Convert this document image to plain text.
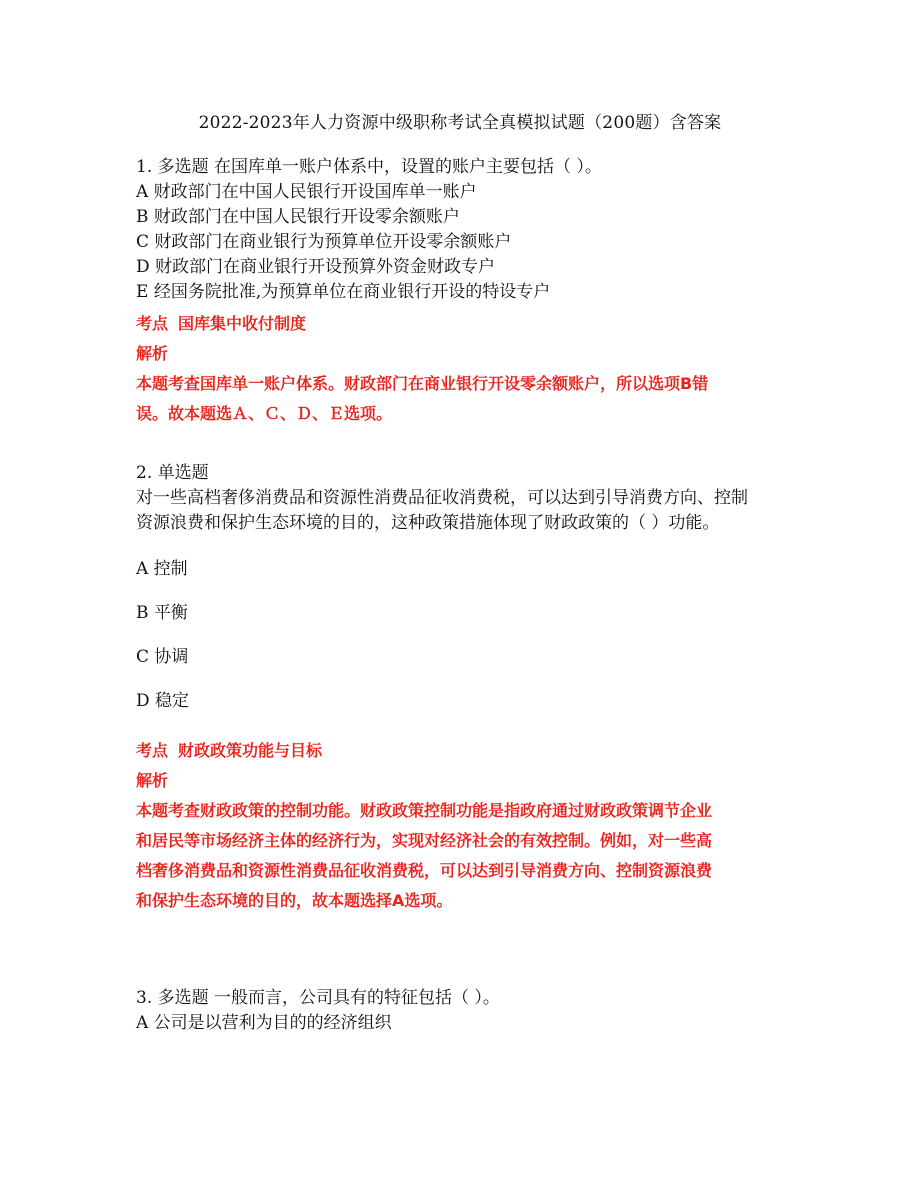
2022-2023年人力资源中级职称考试全真模拟试题（200题）含答案
1. 多选题 在国库单一账户体系中，设置的账户主要包括（ ）。
A 财政部门在中国人民银行开设国库单一账户
B 财政部门在中国人民银行开设零余额账户
C 财政部门在商业银行为预算单位开设零余额账户
D 财政部门在商业银行开设预算外资金财政专户
E 经国务院批准,为预算单位在商业银行开设的特设专户
考点 国库集中收付制度
解析
本题考查国库单一账户体系。财政部门在商业银行开设零余额账户，所以选项B错
误。故本题选Ａ、Ｃ、Ｄ、Ｅ选项。
2. 单选题
对一些高档奢侈消费品和资源性消费品征收消费税，可以达到引导消费方向、控制
资源浪费和保护生态环境的目的，这种政策措施体现了财政政策的（ ）功能。
A 控制
B 平衡
C 协调
D 稳定
考点 财政政策功能与目标
解析
本题考查财政政策的控制功能。财政政策控制功能是指政府通过财政政策调节企业
和居民等市场经济主体的经济行为，实现对经济社会的有效控制。例如，对一些高
档奢侈消费品和资源性消费品征收消费税，可以达到引导消费方向、控制资源浪费
和保护生态环境的目的，故本题选择A选项。
3. 多选题 一般而言，公司具有的特征包括（ ）。
A 公司是以营利为目的的经济组织
